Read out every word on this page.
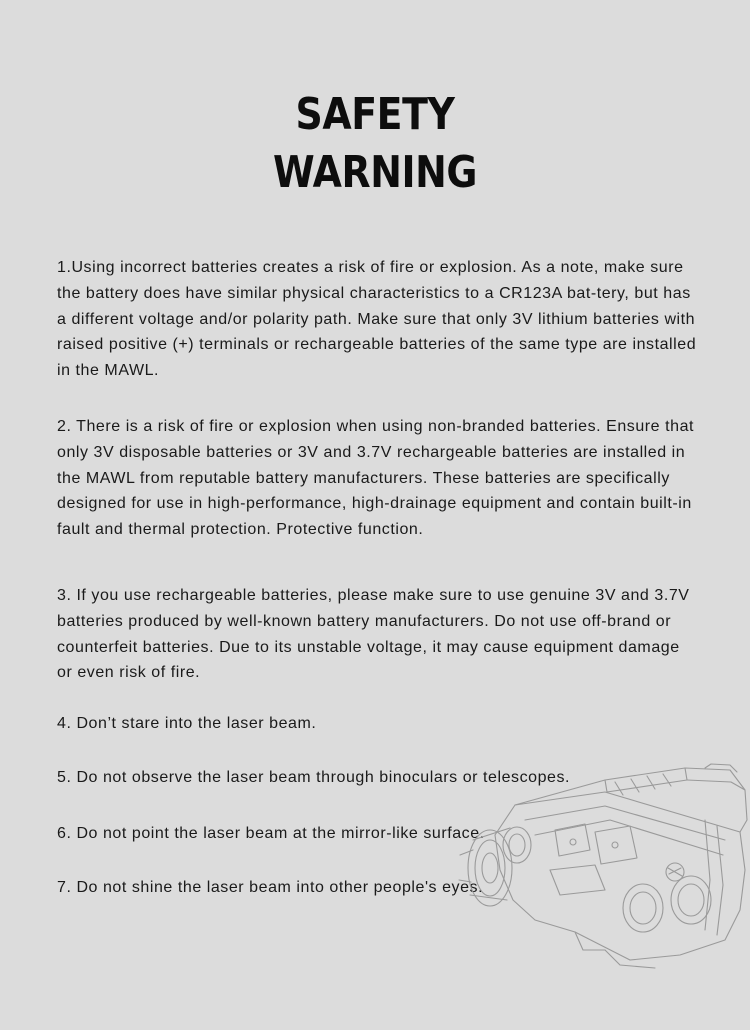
SAFETY
WARNING

1.Using incorrect batteries creates a risk of fire or explosion. As a note, make sure the battery does have similar physical characteristics to a CR123A bat-tery, but has a different voltage and/or polarity path. Make sure that only 3V lithium batteries with raised positive (+) terminals or rechargeable batteries of the same type are installed in the MAWL.

2. There is a risk of fire or explosion when using non-branded batteries. Ensure that only 3V disposable batteries or 3V and 3.7V rechargeable batteries are installed in the MAWL from reputable battery manufacturers. These batteries are specifically designed for use in high-performance, high-drainage equipment and contain built-in fault and thermal protection. Protective function.

3. If you use rechargeable batteries, please make sure to use genuine 3V and 3.7V batteries produced by well-known battery manufacturers. Do not use off-brand or counterfeit batteries. Due to its unstable voltage, it may cause equipment damage or even risk of fire.

4. Don’t stare into the laser beam.

5. Do not observe the laser beam through binoculars or telescopes.

6. Do not point the laser beam at the mirror-like surface.

7. Do not shine the laser beam into other people's eyes.
